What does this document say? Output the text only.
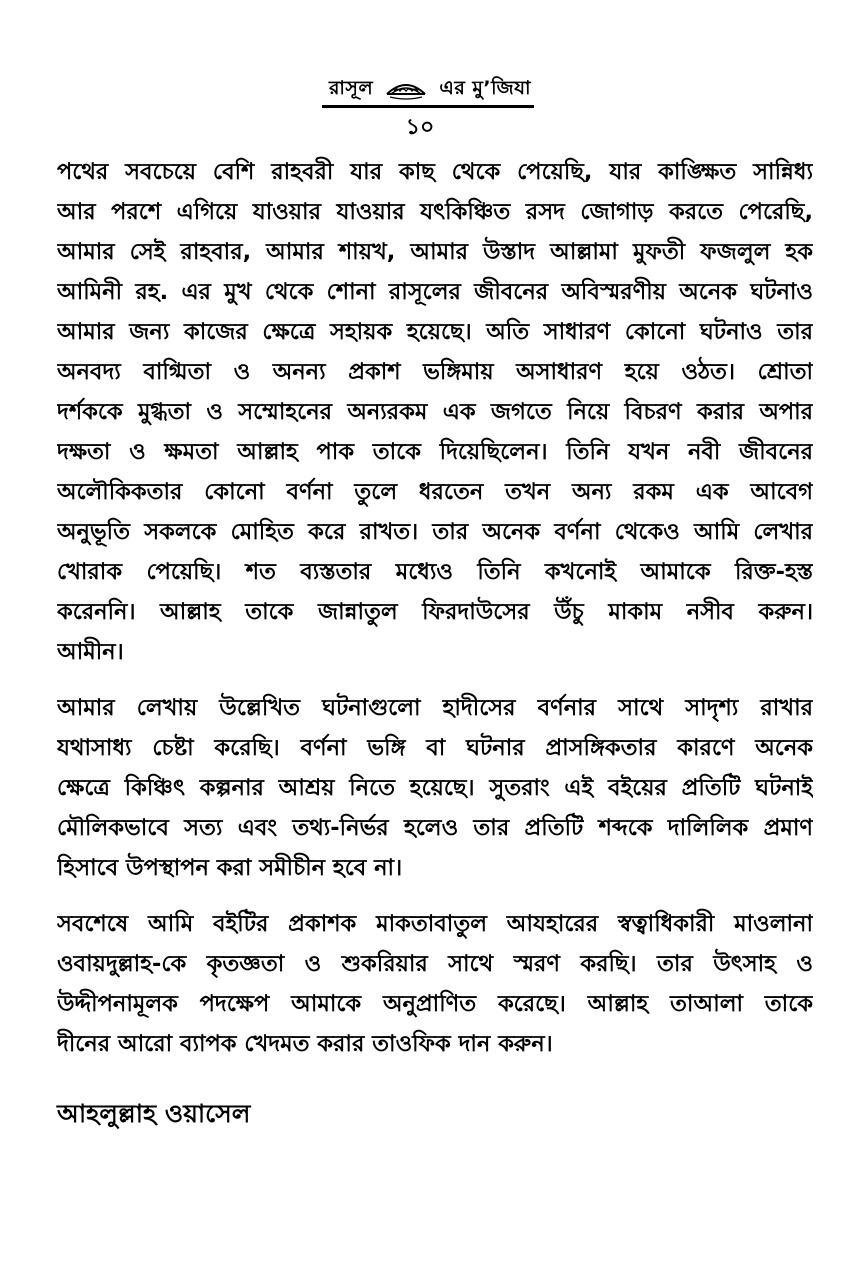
রাসূল	এর মু’জিযা
১০
পথের সবচেয়ে বেশি রাহবরী যার কাছ থেকে পেয়েছি, যার কাঙ্ক্ষিত সান্নিধ্য
আর পরশে এগিয়ে যাওয়ার যাওয়ার যৎকিঞ্চিত রসদ জোগাড় করতে পেরেছি,
আমার সেই রাহবার, আমার শায়খ, আমার উস্তাদ আল্লামা মুফতী ফজলুল হক
আমিনী রহ. এর মুখ থেকে শোনা রাসূলের জীবনের অবিস্মরণীয় অনেক ঘটনাও
আমার জন্য কাজের ক্ষেত্রে সহায়ক হয়েছে। অতি সাধারণ কোনো ঘটনাও তার
অনবদ্য বাগ্মিতা ও অনন্য প্রকাশ ভঙ্গিমায় অসাধারণ হয়ে ওঠত। শ্রোতা
দর্শককে মুগ্ধতা ও সম্মোহনের অন্যরকম এক জগতে নিয়ে বিচরণ করার অপার
দক্ষতা ও ক্ষমতা আল্লাহ পাক তাকে দিয়েছিলেন। তিনি যখন নবী জীবনের
অলৌকিকতার কোনো বর্ণনা তুলে ধরতেন তখন অন্য রকম এক আবেগ
অনুভূতি সকলকে মোহিত করে রাখত। তার অনেক বর্ণনা থেকেও আমি লেখার
খোরাক পেয়েছি। শত ব্যস্ততার মধ্যেও তিনি কখনোই আমাকে রিক্ত-হস্ত
করেননি। আল্লাহ তাকে জান্নাতুল ফিরদাউসের উঁচু মাকাম নসীব করুন।
আমীন।
আমার লেখায় উল্লেখিত ঘটনাগুলো হাদীসের বর্ণনার সাথে সাদৃশ্য রাখার
যথাসাধ্য চেষ্টা করেছি। বর্ণনা ভঙ্গি বা ঘটনার প্রাসঙ্গিকতার কারণে অনেক
ক্ষেত্রে কিঞ্চিৎ কল্পনার আশ্রয় নিতে হয়েছে। সুতরাং এই বইয়ের প্রতিটি ঘটনাই
মৌলিকভাবে সত্য এবং তথ্য-নির্ভর হলেও তার প্রতিটি শব্দকে দালিলিক প্রমাণ
হিসাবে উপস্থাপন করা সমীচীন হবে না।
সবশেষে আমি বইটির প্রকাশক মাকতাবাতুল আযহারের স্বত্বাধিকারী মাওলানা
ওবায়দুল্লাহ-কে কৃতজ্ঞতা ও শুকরিয়ার সাথে স্মরণ করছি। তার উৎসাহ ও
উদ্দীপনামূলক পদক্ষেপ আমাকে অনুপ্রাণিত করেছে। আল্লাহ তাআলা তাকে
দীনের আরো ব্যাপক খেদমত করার তাওফিক দান করুন।
আহলুল্লাহ ওয়াসেল
